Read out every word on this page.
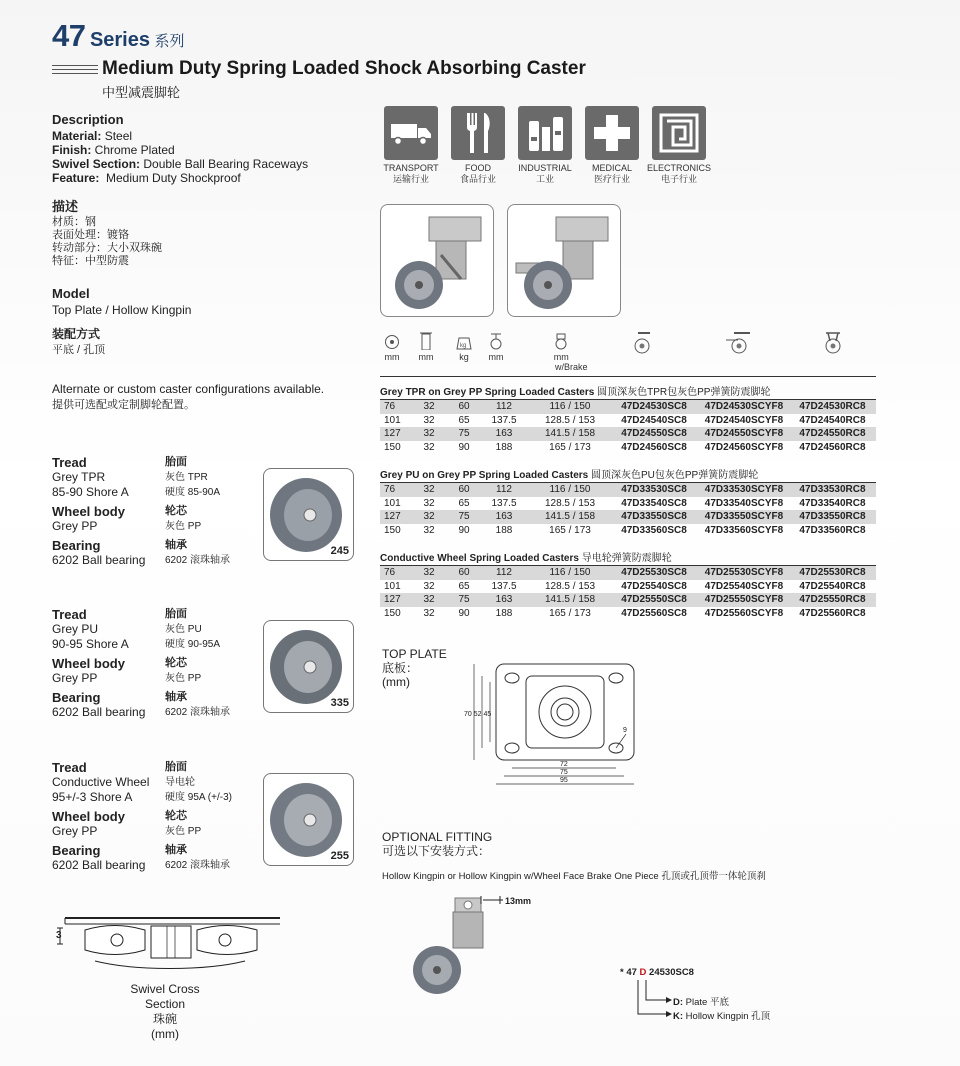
47 Series 系列
Medium Duty Spring Loaded Shock Absorbing Caster
中型减震脚轮
Description
Material: Steel
Finish: Chrome Plated
Swivel Section: Double Ball Bearing Raceways
Feature:  Medium Duty Shockproof
描述
材质：钢
表面处理：镀铬
转动部分：大小双珠碗
特征：中型防震
Model
Top Plate / Hollow Kingpin
装配方式
平底 / 孔顶
Alternate or custom caster configurations available.
提供可选配或定制脚轮配置。
TRANSPORT
运输行业
FOOD
食品行业
INDUSTRIAL
工业
MEDICAL
医疗行业
ELECTRONICS
电子行业
mm mm
kg
kg	mm	mm
w/Brake
Grey TPR on Grey PP Spring Loaded Casters 圆顶深灰色TPR包灰色PP弹簧防震脚轮
76	32	60	112	116 / 150	47D24530SC8	47D24530SCYF8	47D24530RC8
101	32	65	137.5	128.5 / 153	47D24540SC8	47D24540SCYF8	47D24540RC8
127	32	75	163	141.5 / 158	47D24550SC8	47D24550SCYF8	47D24550RC8
150	32	90	188	165 / 173	47D24560SC8	47D24560SCYF8	47D24560RC8
Grey PU on Grey PP Spring Loaded Casters 圆顶深灰色PU包灰色PP弹簧防震脚轮
76	32	60	112	116 / 150	47D33530SC8	47D33530SCYF8	47D33530RC8
101	32	65	137.5	128.5 / 153	47D33540SC8	47D33540SCYF8	47D33540RC8
127	32	75	163	141.5 / 158	47D33550SC8	47D33550SCYF8	47D33550RC8
150	32	90	188	165 / 173	47D33560SC8	47D33560SCYF8	47D33560RC8
Conductive Wheel Spring Loaded Casters 导电轮弹簧防震脚轮
76	32	60	112	116 / 150	47D25530SC8	47D25530SCYF8	47D25530RC8
101	32	65	137.5	128.5 / 153	47D25540SC8	47D25540SCYF8	47D25540RC8
127	32	75	163	141.5 / 158	47D25550SC8	47D25550SCYF8	47D25550RC8
150	32	90	188	165 / 173	47D25560SC8	47D25560SCYF8	47D25560RC8
Tread	胎面
Grey TPR	灰色 TPR
85-90 Shore A	硬度 85-90A
Wheel body	轮芯
Grey PP	灰色 PP
Bearing	轴承
6202 Ball bearing	6202 滚珠轴承
245
Tread	胎面
Grey PU	灰色 PU
90-95 Shore A	硬度 90-95A
Wheel body	轮芯
Grey PP	灰色 PP
Bearing	轴承
6202 Ball bearing	6202 滚珠轴承
335
Tread	胎面
Conductive Wheel	导电轮
95+/-3 Shore A	硬度 95A (+/-3)
Wheel body	轮芯
Grey PP	灰色 PP
Bearing	轴承
6202 Ball bearing	6202 滚珠轴承
255
TOP PLATE
底板：
(mm)
70 52 45
9
72
75
95
OPTIONAL FITTING
可选以下安装方式：
Hollow Kingpin or Hollow Kingpin w/Wheel Face Brake One Piece 孔顶或孔顶带一体轮顶刹
13mm
* 47 D 24530SC8
D: Plate 平底
K: Hollow Kingpin 孔顶
3
Swivel Cross Section
珠碗
(mm)
